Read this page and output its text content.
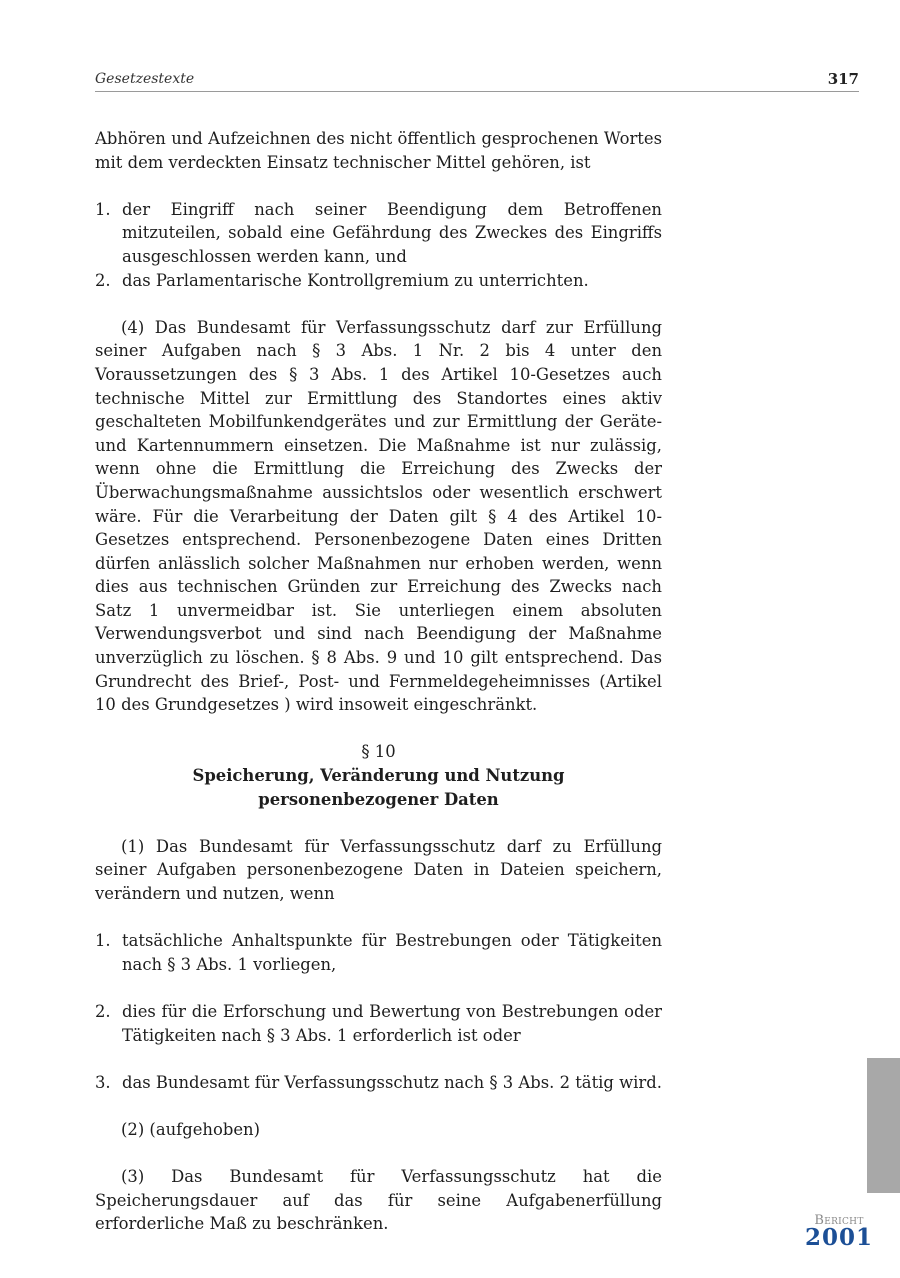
Gesetzestexte	317

Abhören und Aufzeichnen des nicht öffentlich gesprochenen Wortes mit dem verdeckten Einsatz technischer Mittel gehören, ist

1. der Eingriff nach seiner Beendigung dem Betroffenen mitzuteilen, sobald eine Gefährdung des Zweckes des Eingriffs ausgeschlossen werden kann, und
2. das Parlamentarische Kontrollgremium zu unterrichten.

(4) Das Bundesamt für Verfassungsschutz darf zur Erfüllung seiner Aufgaben nach § 3 Abs. 1 Nr. 2 bis 4 unter den Voraussetzungen des § 3 Abs. 1 des Artikel 10-Gesetzes auch technische Mittel zur Ermittlung des Standortes eines aktiv geschalteten Mobilfunkendgerätes und zur Ermittlung der Geräte- und Kartennummern einsetzen. Die Maßnahme ist nur zulässig, wenn ohne die Ermittlung die Erreichung des Zwecks der Überwachungsmaßnahme aussichtslos oder wesentlich erschwert wäre. Für die Verarbeitung der Daten gilt § 4 des Artikel 10-Gesetzes entsprechend. Personenbezogene Daten eines Dritten dürfen anlässlich solcher Maßnahmen nur erhoben werden, wenn dies aus technischen Gründen zur Erreichung des Zwecks nach Satz 1 unvermeidbar ist. Sie unterliegen einem absoluten Verwendungsverbot und sind nach Beendigung der Maßnahme unverzüglich zu löschen. § 8 Abs. 9 und 10 gilt entsprechend. Das Grundrecht des Brief-, Post- und Fernmeldegeheimnisses (Artikel 10 des Grundgesetzes ) wird insoweit eingeschränkt.

§ 10
Speicherung, Veränderung und Nutzung
personenbezogener Daten

(1) Das Bundesamt für Verfassungsschutz darf zu Erfüllung seiner Aufgaben personenbezogene Daten in Dateien speichern, verändern und nutzen, wenn

1. tatsächliche Anhaltspunkte für Bestrebungen oder Tätigkeiten nach § 3 Abs. 1 vorliegen,
2. dies für die Erforschung und Bewertung von Bestrebungen oder Tätigkeiten nach § 3 Abs. 1 erforderlich ist oder
3. das Bundesamt für Verfassungsschutz nach § 3 Abs. 2 tätig wird.

(2) (aufgehoben)

(3) Das Bundesamt für Verfassungsschutz hat die Speicherungsdauer auf das für seine Aufgabenerfüllung erforderliche Maß zu beschränken.	Bericht
2001
